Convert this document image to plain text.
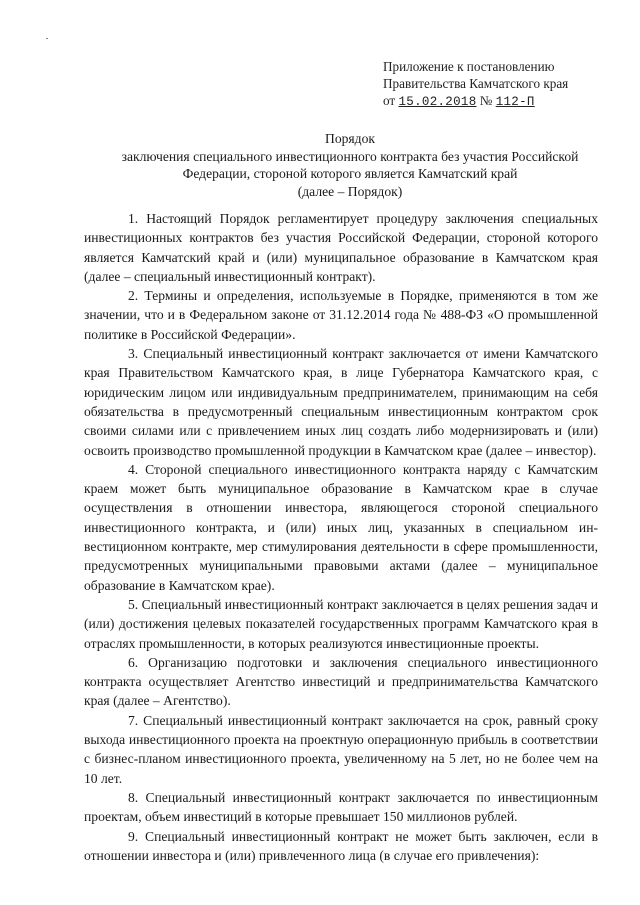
Приложение к постановлению
Правительства Камчатского края
от 15.02.2018 № 112-П
Порядок
заключения специального инвестиционного контракта без участия Российской
Федерации, стороной которого является Камчатский край
(далее – Порядок)

1. Настоящий Порядок регламентирует процедуру заключения специальных инвестиционных контрактов без участия Российской Федерации, стороной которого является Камчатский край и (или) муниципальное образование в Камчатском края (далее – специальный инвестиционный контракт).

2. Термины и определения, используемые в Порядке, применяются в том же значении, что и в Федеральном законе от 31.12.2014 года № 488-ФЗ «О промышленной политике в Российской Федерации».

3. Специальный инвестиционный контракт заключается от имени Камчатского края Правительством Камчатского края, в лице Губернатора Камчатского края, с юридическим лицом или индивидуальным предпринимателем, принимающим на себя обязательства в предусмотренный специальным инвестиционным контрактом срок своими силами или с привлечением иных лиц создать либо модернизировать и (или) освоить производство промышленной продукции в Камчатском крае (далее – инвестор).

4. Стороной специального инвестиционного контракта наряду с Камчатским краем может быть муниципальное образование в Камчатском крае в случае осуществления в отношении инвестора, являющегося стороной специального инвестиционного контракта, и (или) иных лиц, указанных в специальном инвестиционном контракте, мер стимулирования деятельности в сфере промышленности, предусмотренных муниципальными правовыми актами (далее – муниципальное образование в Камчатском крае).

5. Специальный инвестиционный контракт заключается в целях решения задач и (или) достижения целевых показателей государственных программ Камчатского края в отраслях промышленности, в которых реализуются инвестиционные проекты.

6. Организацию подготовки и заключения специального инвестиционного контракта осуществляет Агентство инвестиций и предпринимательства Камчатского края (далее – Агентство).

7. Специальный инвестиционный контракт заключается на срок, равный сроку выхода инвестиционного проекта на проектную операционную прибыль в соответствии с бизнес-планом инвестиционного проекта, увеличенному на 5 лет, но не более чем на 10 лет.

8. Специальный инвестиционный контракт заключается по инвестиционным проектам, объем инвестиций в которые превышает 150 миллионов рублей.

9. Специальный инвестиционный контракт не может быть заключен, если в отношении инвестора и (или) привлеченного лица (в случае его привлечения):
